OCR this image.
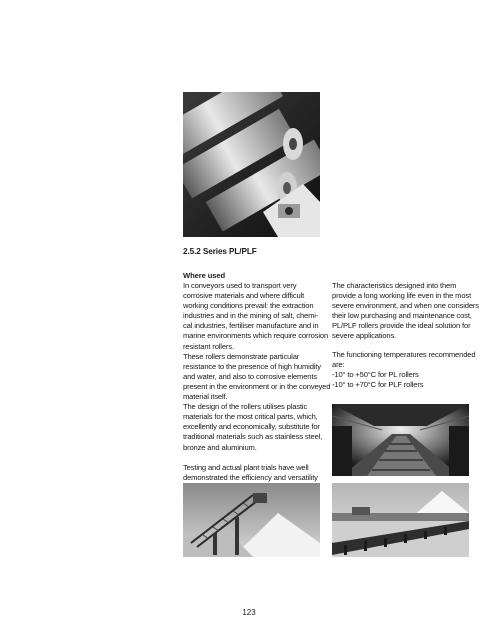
2.5.2 Series PL/PLF
Where used
In conveyors used to transport very
corrosive materials and where difficult
working conditions prevail: the extraction
industries and in the mining of salt, chemi-
cal industries, fertiliser manufacture and in
marine environments which require corrosion
resistant rollers.
These rollers demonstrate particular
resistance to the presence of high humidity
and water, and also to corrosive elements
present in the environment or in the conveyed
material itself.
The design of the rollers utilises plastic
materials for the most critical parts, which,
excellently and economically, substitute for
traditional materials such as stainless steel,
bronze and aluminium.
Testing and actual plant trials have well
demonstrated the efficiency and versatility
The characteristics designed into them
provide a long working life even in the most
severe environment, and when one considers
their low purchasing and maintenance cost,
PL/PLF rollers provide the ideal solution for
severe applications.
The functioning temperatures recommended
are:
-10° to +50°C for PL rollers
-10° to +70°C for PLF rollers
123
